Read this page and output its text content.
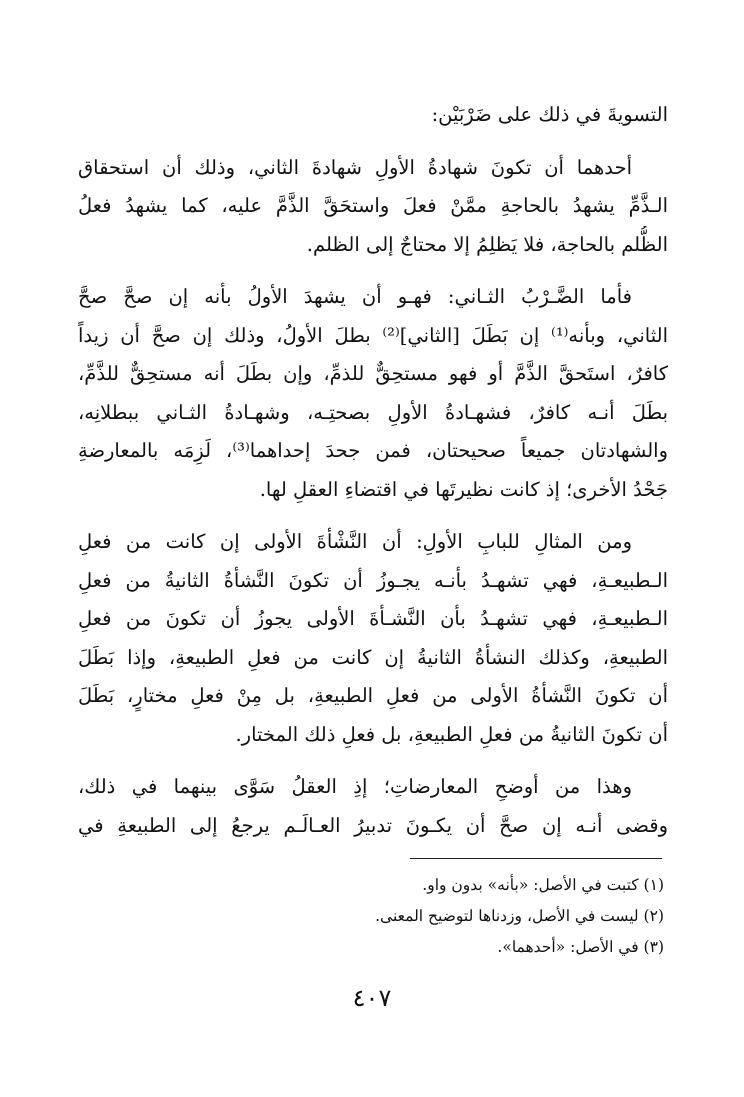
التسويةَ في ذلك على ضَرْبَيْن:
أحدهما أن تكونَ شهادةُ الأولِ شهادةَ الثاني، وذلك أن استحقاق
الـذَّمِّ يشهدُ بالحاجةِ ممَّنْ فعلَ واستحَقَّ الذَّمَّ عليه، كما يشهدُ فعلُ
الظُّلم بالحاجة، فلا يَظلِمُ إلا محتاجٌ إلى الظلم.
فأما الضَّـرْبُ الثـاني: فهـو أن يشهدَ الأولُ بأنه إن صحَّ صحَّ
الثاني، وبأنه⁽¹⁾ إن بَطَلَ [الثاني]⁽²⁾ بطلَ الأولُ، وذلك إن صحَّ أن زيداً
كافرٌ، استَحقَّ الذَّمَّ أو فهو مستحِقٌّ للذمِّ، وإن بطَلَ أنه مستحِقٌّ للذَّمِّ،
بطَلَ أنـه كافرٌ، فشهـادةُ الأولِ بصحتِـه، وشهـادةُ الثـاني ببطلانِه،
والشهادتان جميعاً صحيحتان، فمن جحدَ إحداهما⁽³⁾، لَزِمَه بالمعارضةِ
جَحْدُ الأخرى؛ إذ كانت نظيرتَها في اقتضاءِ العقلِ لها.
ومن المثالِ للبابِ الأولِ: أن النَّشْأةَ الأولى إن كانت من فعلِ
الـطبيعـةِ، فهي تشهـدُ بأنـه يجـوزُ أن تكونَ النَّشأةُ الثانيةُ من فعلِ
الـطبيعـةِ، فهي تشهـدُ بأن النَّشـأةَ الأولى يجوزُ أن تكونَ من فعلِ
الطبيعةِ، وكذلك النشأةُ الثانيةُ إن كانت من فعلِ الطبيعةِ، وإذا بَطَلَ
أن تكونَ النَّشأةُ الأولى من فعلِ الطبيعةِ، بل مِنْ فعلِ مختارٍ، بَطَلَ
أن تكونَ الثانيةُ من فعلِ الطبيعةِ، بل فعلِ ذلك المختار.
وهذا من أوضحِ المعارضاتِ؛ إذِ العقلُ سَوَّى بينهما في ذلك،
وقضى أنـه إن صحَّ أن يكـونَ تدبيرُ العـالَـم يرجعُ إلى الطبيعةِ في
(١) كتبت في الأصل: «بأنه» بدون واو.
(٢) ليست في الأصل، وزدناها لتوضيح المعنى.
(٣) في الأصل: «أحدهما».
٤٠٧
